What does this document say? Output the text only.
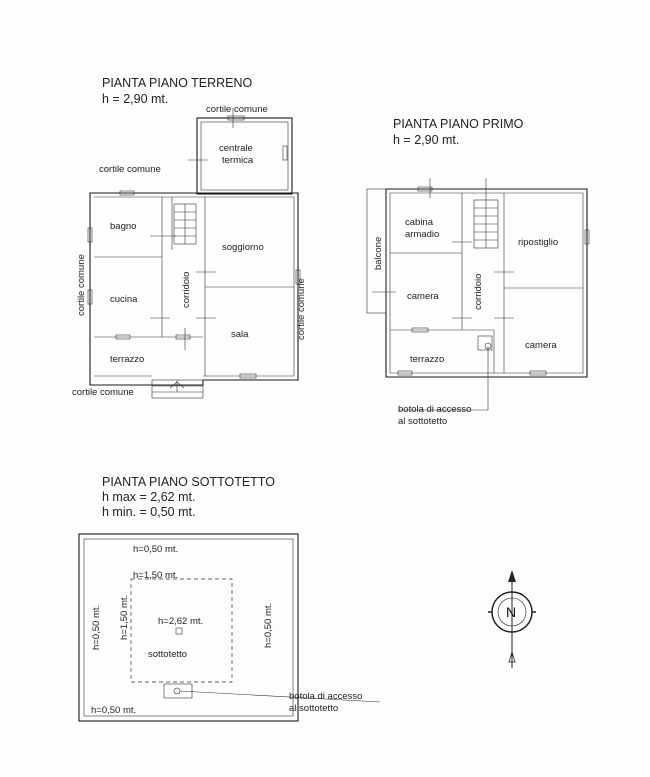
PIANTA PIANO TERRENO
h = 2,90 mt.
cortile comune
centrale
termica
cortile comune
bagno
soggiorno
cucina	corridoio
sala
terrazzo
cortile comune
cortile comune	cortile comune
PIANTA PIANO PRIMO
h = 2,90 mt.
cabina
armadio
ripostiglio
balcone
camera	corridoio
terrazzo
camera
botola di accesso
al sottotetto
PIANTA PIANO SOTTOTETTO
h max = 2,62 mt.
h min. = 0,50 mt.
h=0,50 mt.
h=1,50 mt.
h=2,62 mt.
sottotetto
h=0,50 mt. h=1,50 mt.	h=0,50 mt.
h=0,50 mt.
botola di accesso
al sottotetto
N
